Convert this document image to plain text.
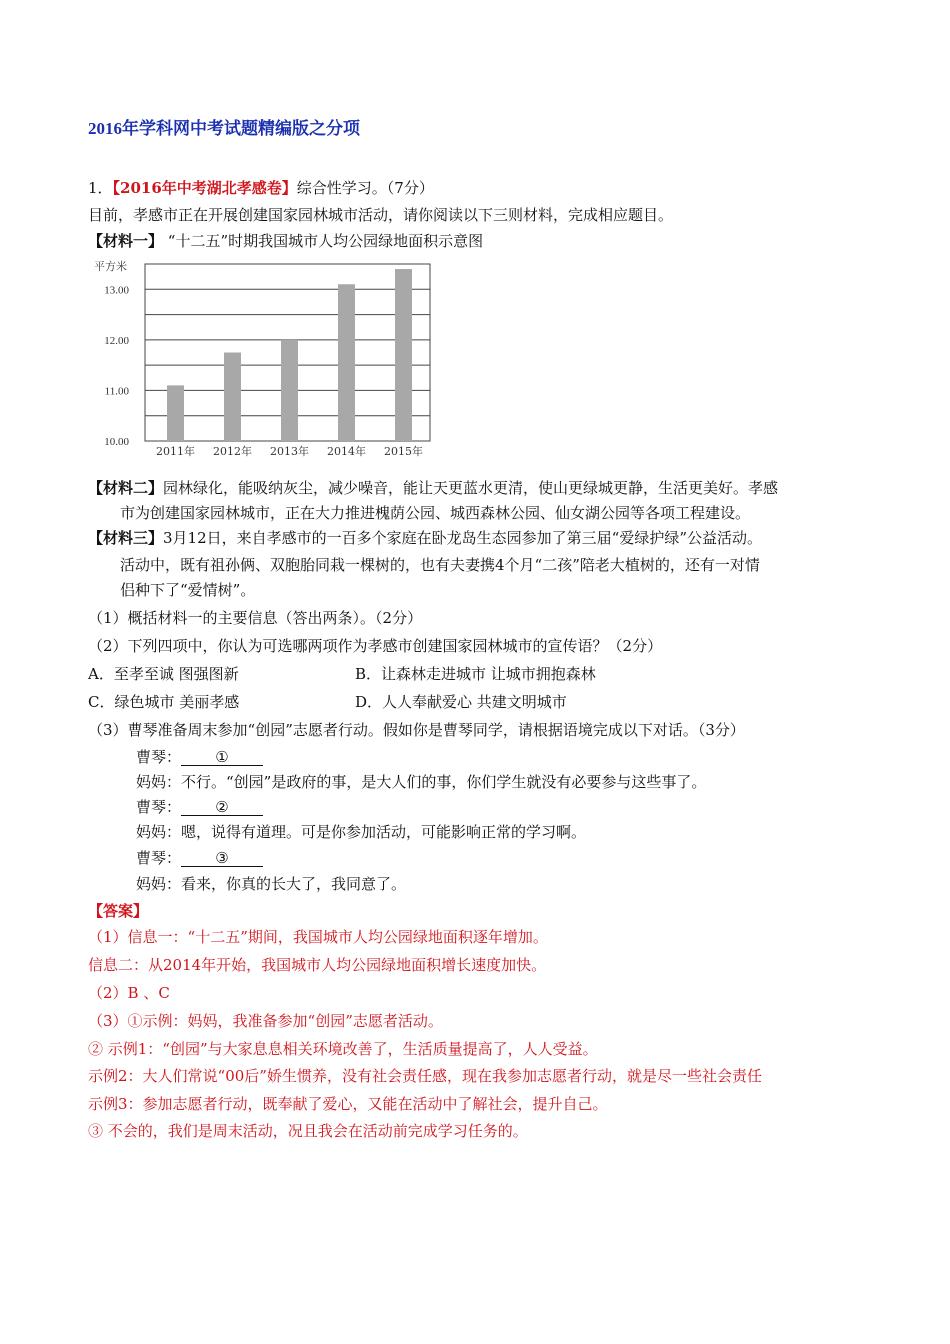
2016年学科网中考试题精编版之分项
1．【2016年中考湖北孝感卷】综合性学习。（7分）
目前，孝感市正在开展创建国家园林城市活动，请你阅读以下三则材料，完成相应题目。
【材料一】 “十二五”时期我国城市人均公园绿地面积示意图
10.00
11.00
12.00
13.00
平方米
2011年 2012年 2013年 2014年 2015年
【材料二】园林绿化，能吸纳灰尘，减少噪音，能让天更蓝水更清，使山更绿城更静，生活更美好。孝感
市为创建国家园林城市，正在大力推进槐荫公园、城西森林公园、仙女湖公园等各项工程建设。
【材料三】3月12日，来自孝感市的一百多个家庭在卧龙岛生态园参加了第三届“爱绿护绿”公益活动。
活动中，既有祖孙俩、双胞胎同栽一棵树的，也有夫妻携4个月“二孩”陪老大植树的，还有一对情
侣种下了“爱情树”。
（1）概括材料一的主要信息（答出两条）。（2分）
（2）下列四项中，你认为可选哪两项作为孝感市创建国家园林城市的宣传语？（2分）
A．至孝至诚 图强图新	B．让森林走进城市 让城市拥抱森林
C．绿色城市 美丽孝感	D．人人奉献爱心 共建文明城市
（3）曹琴准备周末参加“创园”志愿者行动。假如你是曹琴同学，请根据语境完成以下对话。（3分）
曹琴： ①
妈妈：不行。“创园”是政府的事，是大人们的事，你们学生就没有必要参与这些事了。
曹琴： ②
妈妈：嗯，说得有道理。可是你参加活动，可能影响正常的学习啊。
曹琴： ③
妈妈：看来，你真的长大了，我同意了。
【答案】
（1）信息一：“十二五”期间，我国城市人均公园绿地面积逐年增加。
信息二：从2014年开始，我国城市人均公园绿地面积增长速度加快。
（2）B 、C
（3）①示例：妈妈，我准备参加“创园”志愿者活动。
② 示例1：“创园”与大家息息相关环境改善了，生活质量提高了，人人受益。
示例2：大人们常说“00后”娇生惯养，没有社会责任感，现在我参加志愿者行动，就是尽一些社会责任
示例3：参加志愿者行动，既奉献了爱心，又能在活动中了解社会，提升自己。
③ 不会的，我们是周末活动，况且我会在活动前完成学习任务的。
